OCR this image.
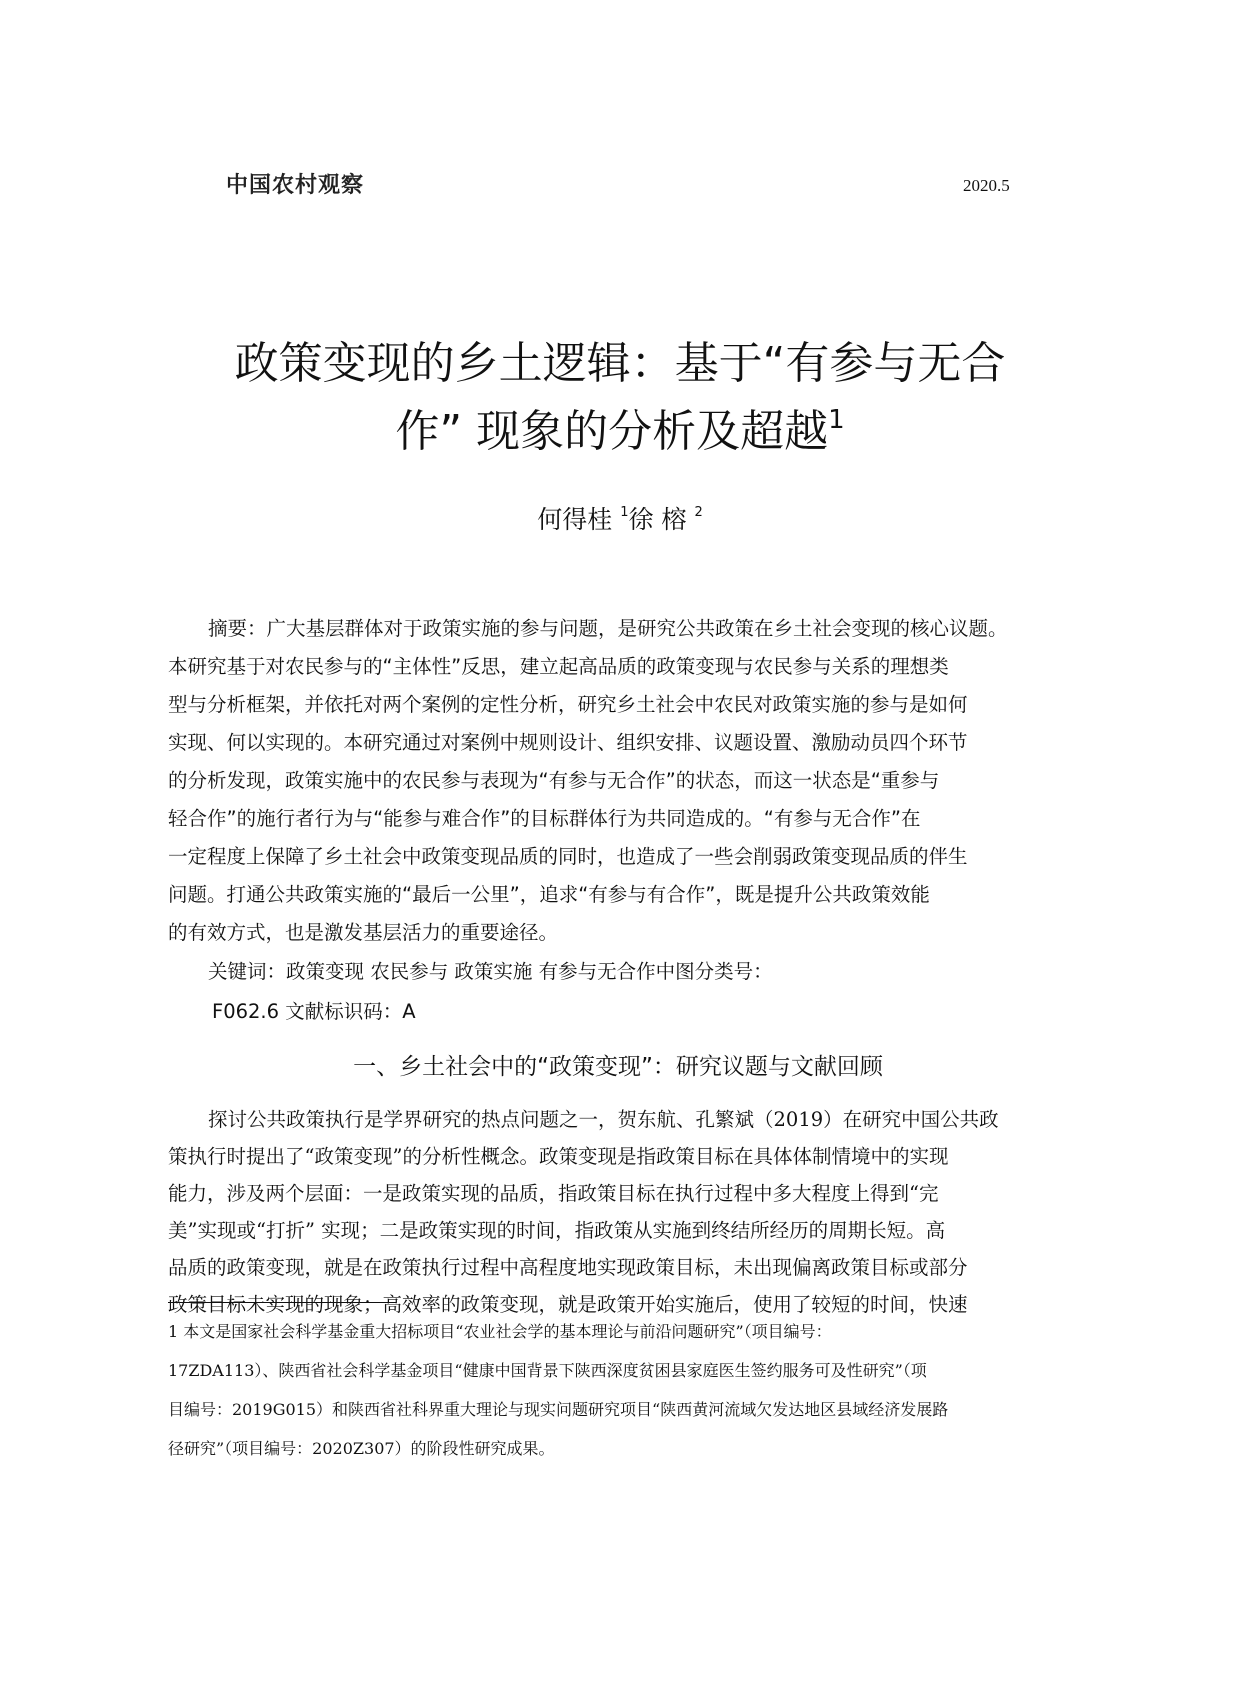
中国农村观察	2020.5
政策变现的乡土逻辑：基于“有参与无合
作” 现象的分析及超越$^1$
何得桂 $^1$徐 榕 $^2$
摘要：广大基层群体对于政策实施的参与问题，是研究公共政策在乡土社会变现的核心议题。
本研究基于对农民参与的“主体性”反思，建立起高品质的政策变现与农民参与关系的理想类
型与分析框架，并依托对两个案例的定性分析，研究乡土社会中农民对政策实施的参与是如何
实现、何以实现的。本研究通过对案例中规则设计、组织安排、议题设置、激励动员四个环节
的分析发现，政策实施中的农民参与表现为“有参与无合作”的状态，而这一状态是“重参与
轻合作”的施行者行为与“能参与难合作”的目标群体行为共同造成的。“有参与无合作”在
一定程度上保障了乡土社会中政策变现品质的同时，也造成了一些会削弱政策变现品质的伴生
问题。打通公共政策实施的“最后一公里”，追求“有参与有合作”，既是提升公共政策效能
的有效方式，也是激发基层活力的重要途径。
关键词：政策变现 农民参与 政策实施 有参与无合作中图分类号：
F062.6 文献标识码：A
一、乡土社会中的“政策变现”：研究议题与文献回顾
探讨公共政策执行是学界研究的热点问题之一，贺东航、孔繁斌（2019）在研究中国公共政
策执行时提出了“政策变现”的分析性概念。政策变现是指政策目标在具体体制情境中的实现
能力，涉及两个层面：一是政策实现的品质，指政策目标在执行过程中多大程度上得到“完
美”实现或“打折” 实现；二是政策实现的时间，指政策从实施到终结所经历的周期长短。高
品质的政策变现，就是在政策执行过程中高程度地实现政策目标，未出现偏离政策目标或部分
政策目标未实现的现象；高效率的政策变现，就是政策开始实施后，使用了较短的时间，快速
1 本文是国家社会科学基金重大招标项目“农业社会学的基本理论与前沿问题研究”（项目编号：
17ZDA113）、陕西省社会科学基金项目“健康中国背景下陕西深度贫困县家庭医生签约服务可及性研究”（项
目编号：2019G015）和陕西省社科界重大理论与现实问题研究项目“陕西黄河流域欠发达地区县域经济发展路
径研究”（项目编号：2020Z307）的阶段性研究成果。
